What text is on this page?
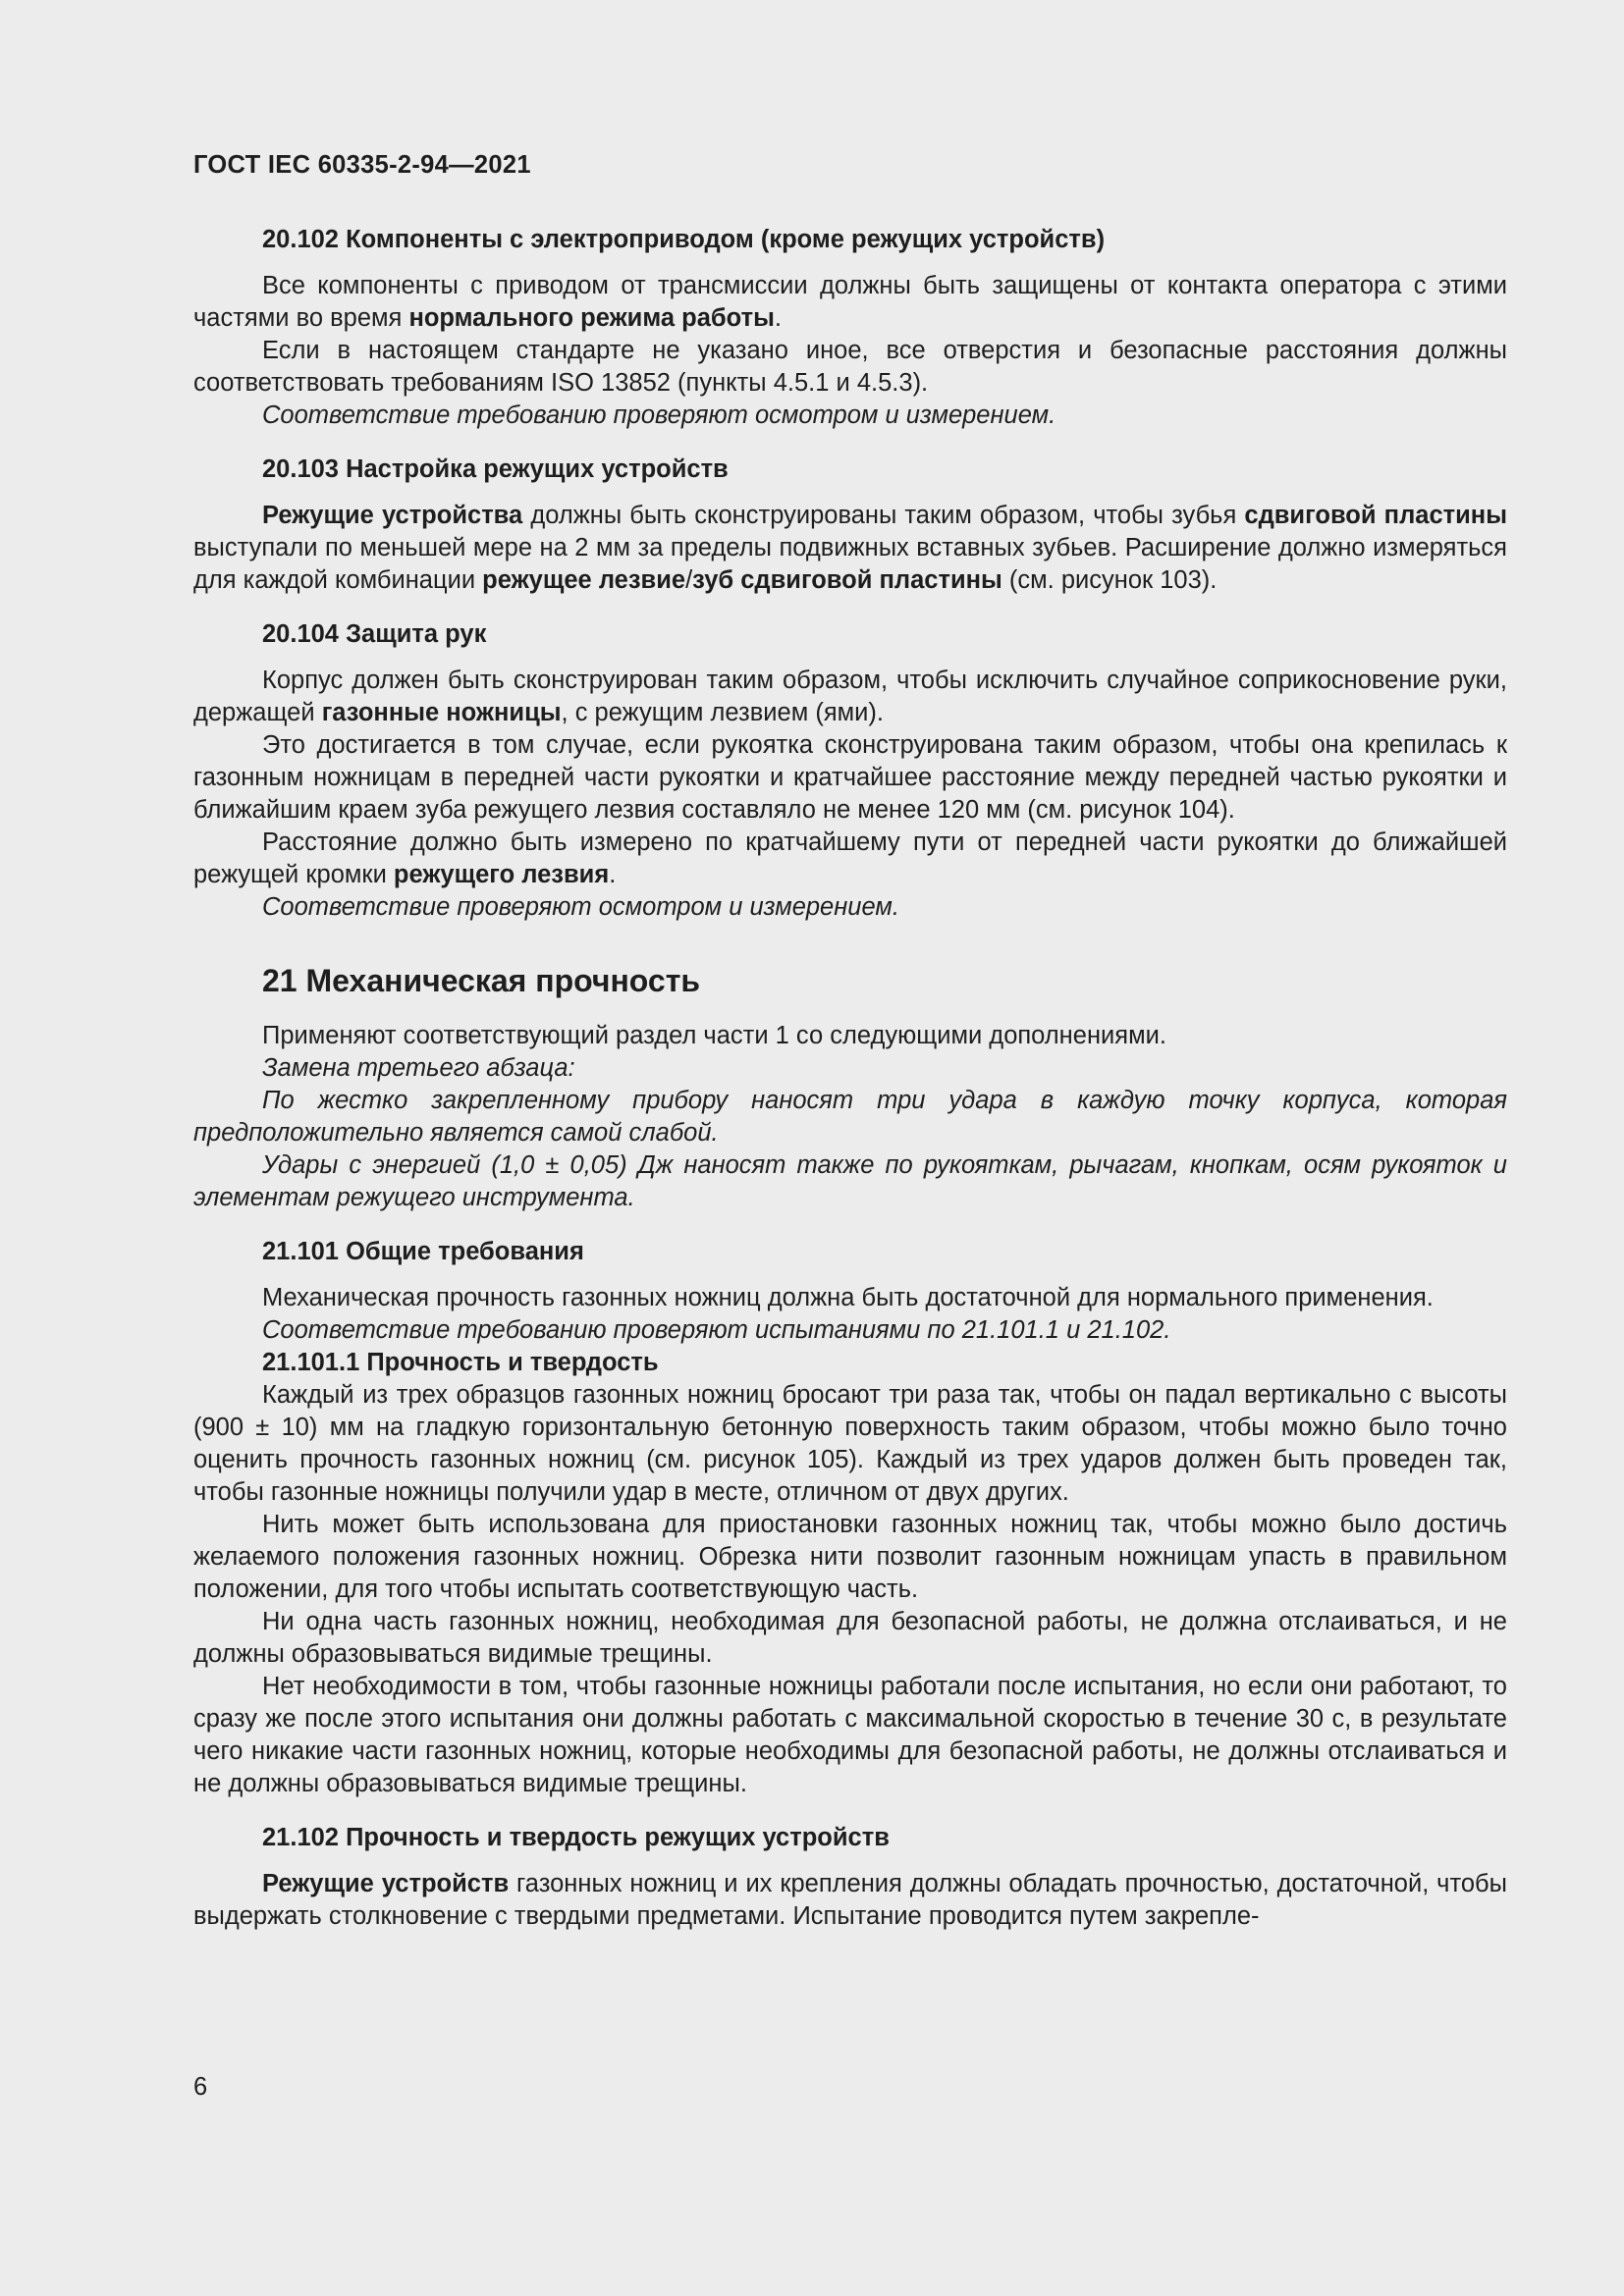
ГОСТ IEC 60335-2-94—2021
20.102 Компоненты с электроприводом (кроме режущих устройств)

Все компоненты с приводом от трансмиссии должны быть защищены от контакта оператора с этими частями во время нормального режима работы.

Если в настоящем стандарте не указано иное, все отверстия и безопасные расстояния должны соответствовать требованиям ISO 13852 (пункты 4.5.1 и 4.5.3).

Соответствие требованию проверяют осмотром и измерением.

20.103 Настройка режущих устройств

Режущие устройства должны быть сконструированы таким образом, чтобы зубья сдвиговой пластины выступали по меньшей мере на 2 мм за пределы подвижных вставных зубьев. Расширение должно измеряться для каждой комбинации режущее лезвие/зуб сдвиговой пластины (см. рисунок 103).

20.104 Защита рук

Корпус должен быть сконструирован таким образом, чтобы исключить случайное соприкосновение руки, держащей газонные ножницы, с режущим лезвием (ями).

Это достигается в том случае, если рукоятка сконструирована таким образом, чтобы она крепилась к газонным ножницам в передней части рукоятки и кратчайшее расстояние между передней частью рукоятки и ближайшим краем зуба режущего лезвия составляло не менее 120 мм (см. рисунок 104).

Расстояние должно быть измерено по кратчайшему пути от передней части рукоятки до ближайшей режущей кромки режущего лезвия.

Соответствие проверяют осмотром и измерением.

21 Механическая прочность

Применяют соответствующий раздел части 1 со следующими дополнениями.

Замена третьего абзаца:

По жестко закрепленному прибору наносят три удара в каждую точку корпуса, которая предположительно является самой слабой.

Удары с энергией (1,0 ± 0,05) Дж наносят также по рукояткам, рычагам, кнопкам, осям рукояток и элементам режущего инструмента.

21.101 Общие требования

Механическая прочность газонных ножниц должна быть достаточной для нормального применения.

Соответствие требованию проверяют испытаниями по 21.101.1 и 21.102.

21.101.1 Прочность и твердость

Каждый из трех образцов газонных ножниц бросают три раза так, чтобы он падал вертикально с высоты (900 ± 10) мм на гладкую горизонтальную бетонную поверхность таким образом, чтобы можно было точно оценить прочность газонных ножниц (см. рисунок 105). Каждый из трех ударов должен быть проведен так, чтобы газонные ножницы получили удар в месте, отличном от двух других.

Нить может быть использована для приостановки газонных ножниц так, чтобы можно было достичь желаемого положения газонных ножниц. Обрезка нити позволит газонным ножницам упасть в правильном положении, для того чтобы испытать соответствующую часть.

Ни одна часть газонных ножниц, необходимая для безопасной работы, не должна отслаиваться, и не должны образовываться видимые трещины.

Нет необходимости в том, чтобы газонные ножницы работали после испытания, но если они работают, то сразу же после этого испытания они должны работать с максимальной скоростью в течение 30 с, в результате чего никакие части газонных ножниц, которые необходимы для безопасной работы, не должны отслаиваться и не должны образовываться видимые трещины.

21.102 Прочность и твердость режущих устройств

Режущие устройств газонных ножниц и их крепления должны обладать прочностью, достаточной, чтобы выдержать столкновение с твердыми предметами. Испытание проводится путем закрепле-

6
